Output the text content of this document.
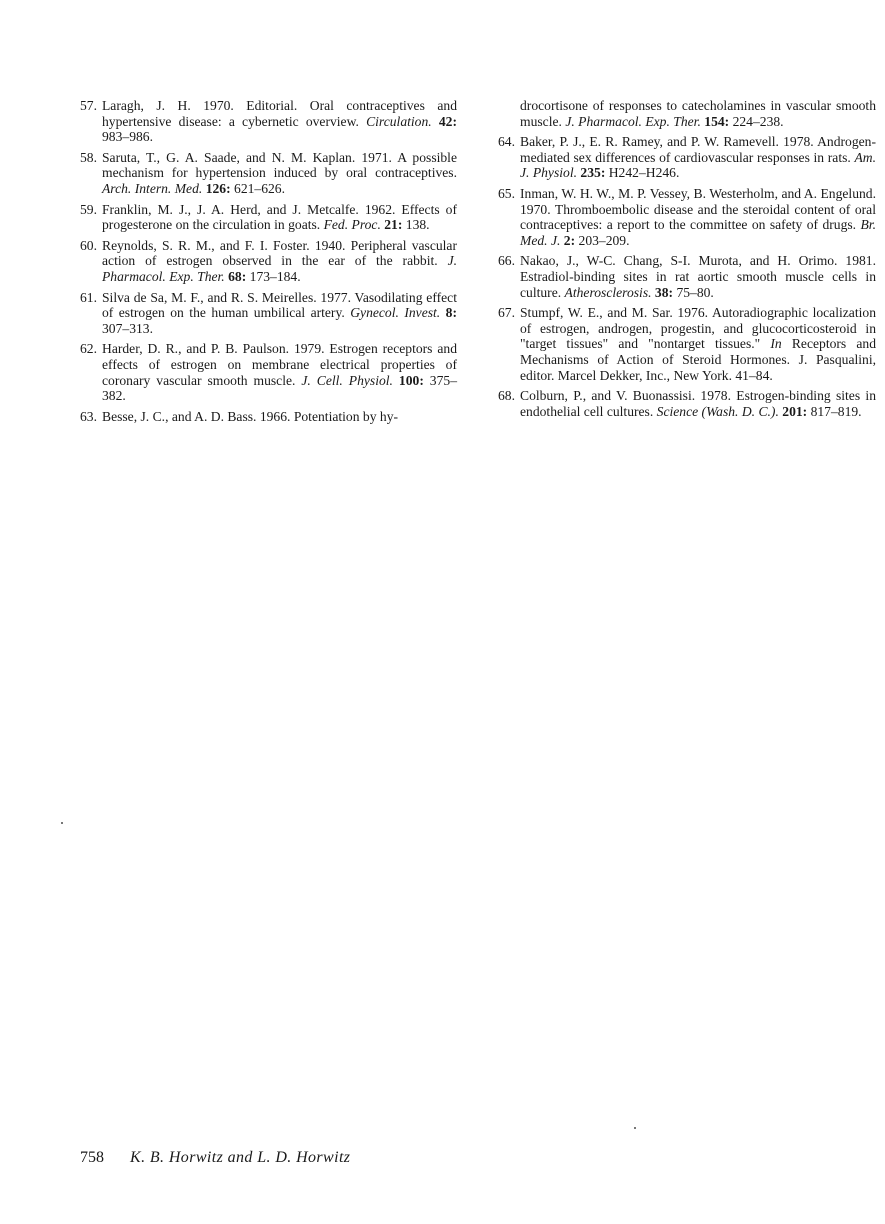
57. Laragh, J. H. 1970. Editorial. Oral contraceptives and hypertensive disease: a cybernetic overview. Circulation. 42: 983–986.

58. Saruta, T., G. A. Saade, and N. M. Kaplan. 1971. A possible mechanism for hypertension induced by oral contraceptives. Arch. Intern. Med. 126: 621–626.

59. Franklin, M. J., J. A. Herd, and J. Metcalfe. 1962. Effects of progesterone on the circulation in goats. Fed. Proc. 21: 138.

60. Reynolds, S. R. M., and F. I. Foster. 1940. Peripheral vascular action of estrogen observed in the ear of the rabbit. J. Pharmacol. Exp. Ther. 68: 173–184.

61. Silva de Sa, M. F., and R. S. Meirelles. 1977. Vasodilating effect of estrogen on the human umbilical artery. Gynecol. Invest. 8: 307–313.

62. Harder, D. R., and P. B. Paulson. 1979. Estrogen receptors and effects of estrogen on membrane electrical properties of coronary vascular smooth muscle. J. Cell. Physiol. 100: 375–382.

63. Besse, J. C., and A. D. Bass. 1966. Potentiation by hy-

drocortisone of responses to catecholamines in vascular smooth muscle. J. Pharmacol. Exp. Ther. 154: 224–238.

64. Baker, P. J., E. R. Ramey, and P. W. Ramevell. 1978. Androgen-mediated sex differences of cardiovascular responses in rats. Am. J. Physiol. 235: H242–H246.

65. Inman, W. H. W., M. P. Vessey, B. Westerholm, and A. Engelund. 1970. Thromboembolic disease and the steroidal content of oral contraceptives: a report to the committee on safety of drugs. Br. Med. J. 2: 203–209.

66. Nakao, J., W-C. Chang, S-I. Murota, and H. Orimo. 1981. Estradiol-binding sites in rat aortic smooth muscle cells in culture. Atherosclerosis. 38: 75–80.

67. Stumpf, W. E., and M. Sar. 1976. Autoradiographic localization of estrogen, androgen, progestin, and glucocorticosteroid in "target tissues" and "nontarget tissues." In Receptors and Mechanisms of Action of Steroid Hormones. J. Pasqualini, editor. Marcel Dekker, Inc., New York. 41–84.

68. Colburn, P., and V. Buonassisi. 1978. Estrogen-binding sites in endothelial cell cultures. Science (Wash. D. C.). 201: 817–819.

758 K. B. Horwitz and L. D. Horwitz
